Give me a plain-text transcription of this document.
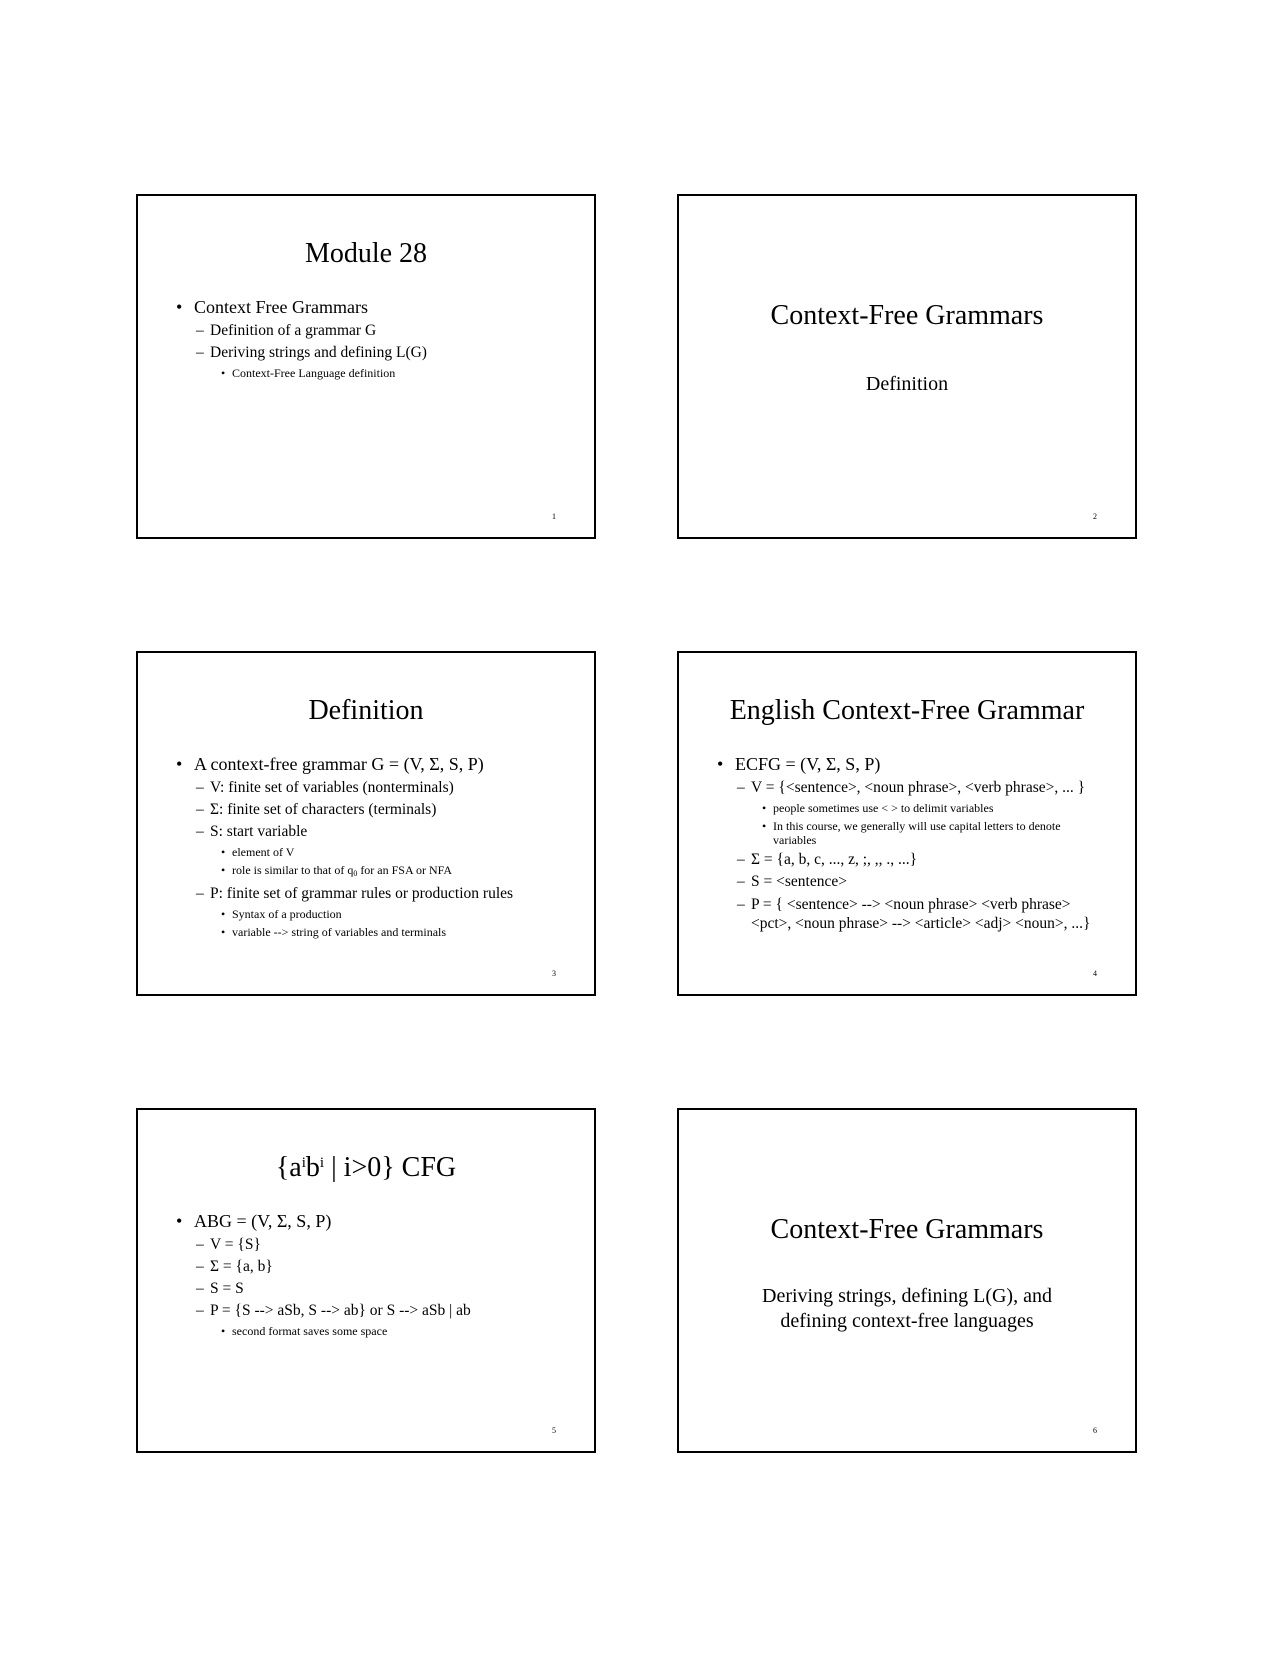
Module 28
• Context Free Grammars
– Definition of a grammar G
– Deriving strings and defining L(G)
• Context-Free Language definition
1
Context-Free Grammars
Definition
2
Definition
• A context-free grammar G = (V, Σ, S, P)
– V: finite set of variables (nonterminals)
– Σ: finite set of characters (terminals)
– S: start variable
• element of V
• role is similar to that of $q_0$ for an FSA or NFA
– P: finite set of grammar rules or production rules
• Syntax of a production
• variable --> string of variables and terminals
3
English Context-Free Grammar
• ECFG = (V, Σ, S, P)
– V = {<sentence>, <noun phrase>, <verb phrase>, ... }
• people sometimes use < > to delimit variables
• In this course, we generally will use capital letters to denote variables
– Σ = {a, b, c, ..., z, ;, ,, ., ...}
– S = <sentence>
– P = { <sentence> --> <noun phrase> <verb phrase> <pct>, <noun phrase> --> <article> <adj> <noun>, ...}
4
{$a^ib^i$ | i>0} CFG
• ABG = (V, Σ, S, P)
– V = {S}
– Σ = {a, b}
– S = S
– P = {S --> aSb, S --> ab} or S --> aSb | ab
• second format saves some space
5
Context-Free Grammars
Deriving strings, defining L(G), and
defining context-free languages
6
